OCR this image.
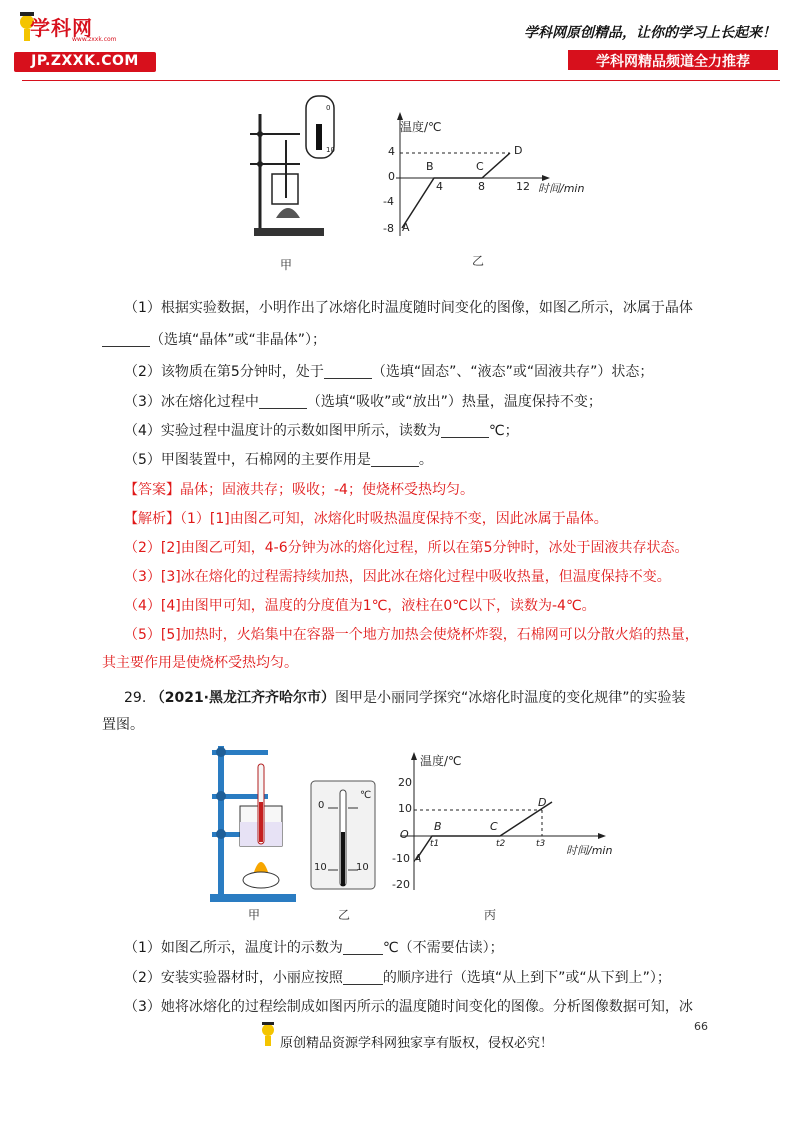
学科网
www.zxxk.com
JP.ZXXK.COM
学科网原创精品，让你的学习上长起来！
学科网精品频道全力推荐
0
10
甲
温度/℃
4
0
-4
-8
4	8	12 时间/min
A
B	C
D
乙
（1）根据实验数据，小明作出了冰熔化时温度随时间变化的图像，如图乙所示，冰属于晶体
（选填“晶体”或“非晶体”）；
（2）该物质在第5分钟时，处于	（选填“固态”、“液态”或“固液共存”）状态；
（3）冰在熔化过程中	（选填“吸收”或“放出”）热量，温度保持不变；
（4）实验过程中温度计的示数如图甲所示，读数为	℃；
（5）甲图装置中，石棉网的主要作用是	。
【答案】晶体；固液共存；吸收；-4；使烧杯受热均匀。
【解析】（1）[1]由图乙可知，冰熔化时吸热温度保持不变，因此冰属于晶体。
（2）[2]由图乙可知，4-6分钟为冰的熔化过程，所以在第5分钟时，冰处于固液共存状态。
（3）[3]冰在熔化的过程需持续加热，因此冰在熔化过程中吸收热量，但温度保持不变。
（4）[4]由图甲可知，温度的分度值为1℃，液柱在0℃以下，读数为-4℃。
（5）[5]加热时，火焰集中在容器一个地方加热会使烧杯炸裂，石棉网可以分散火焰的热量，
其主要作用是使烧杯受热均匀。
29. （2021·黑龙江齐齐哈尔市）图甲是小丽同学探究“冰熔化时温度的变化规律”的实验装
置图。
甲
℃
0
10	10
乙
温度/℃
20
10
O
-10
-20
t1	t2	t3 时间/min
A
B	C
D
丙
（1）如图乙所示，温度计的示数为	℃（不需要估读）；
（2）安装实验器材时，小丽应按照	的顺序进行（选填“从上到下”或“从下到上”）；
（3）她将冰熔化的过程绘制成如图丙所示的温度随时间变化的图像。分析图像数据可知，冰
66
原创精品资源学科网独家享有版权，侵权必究！
